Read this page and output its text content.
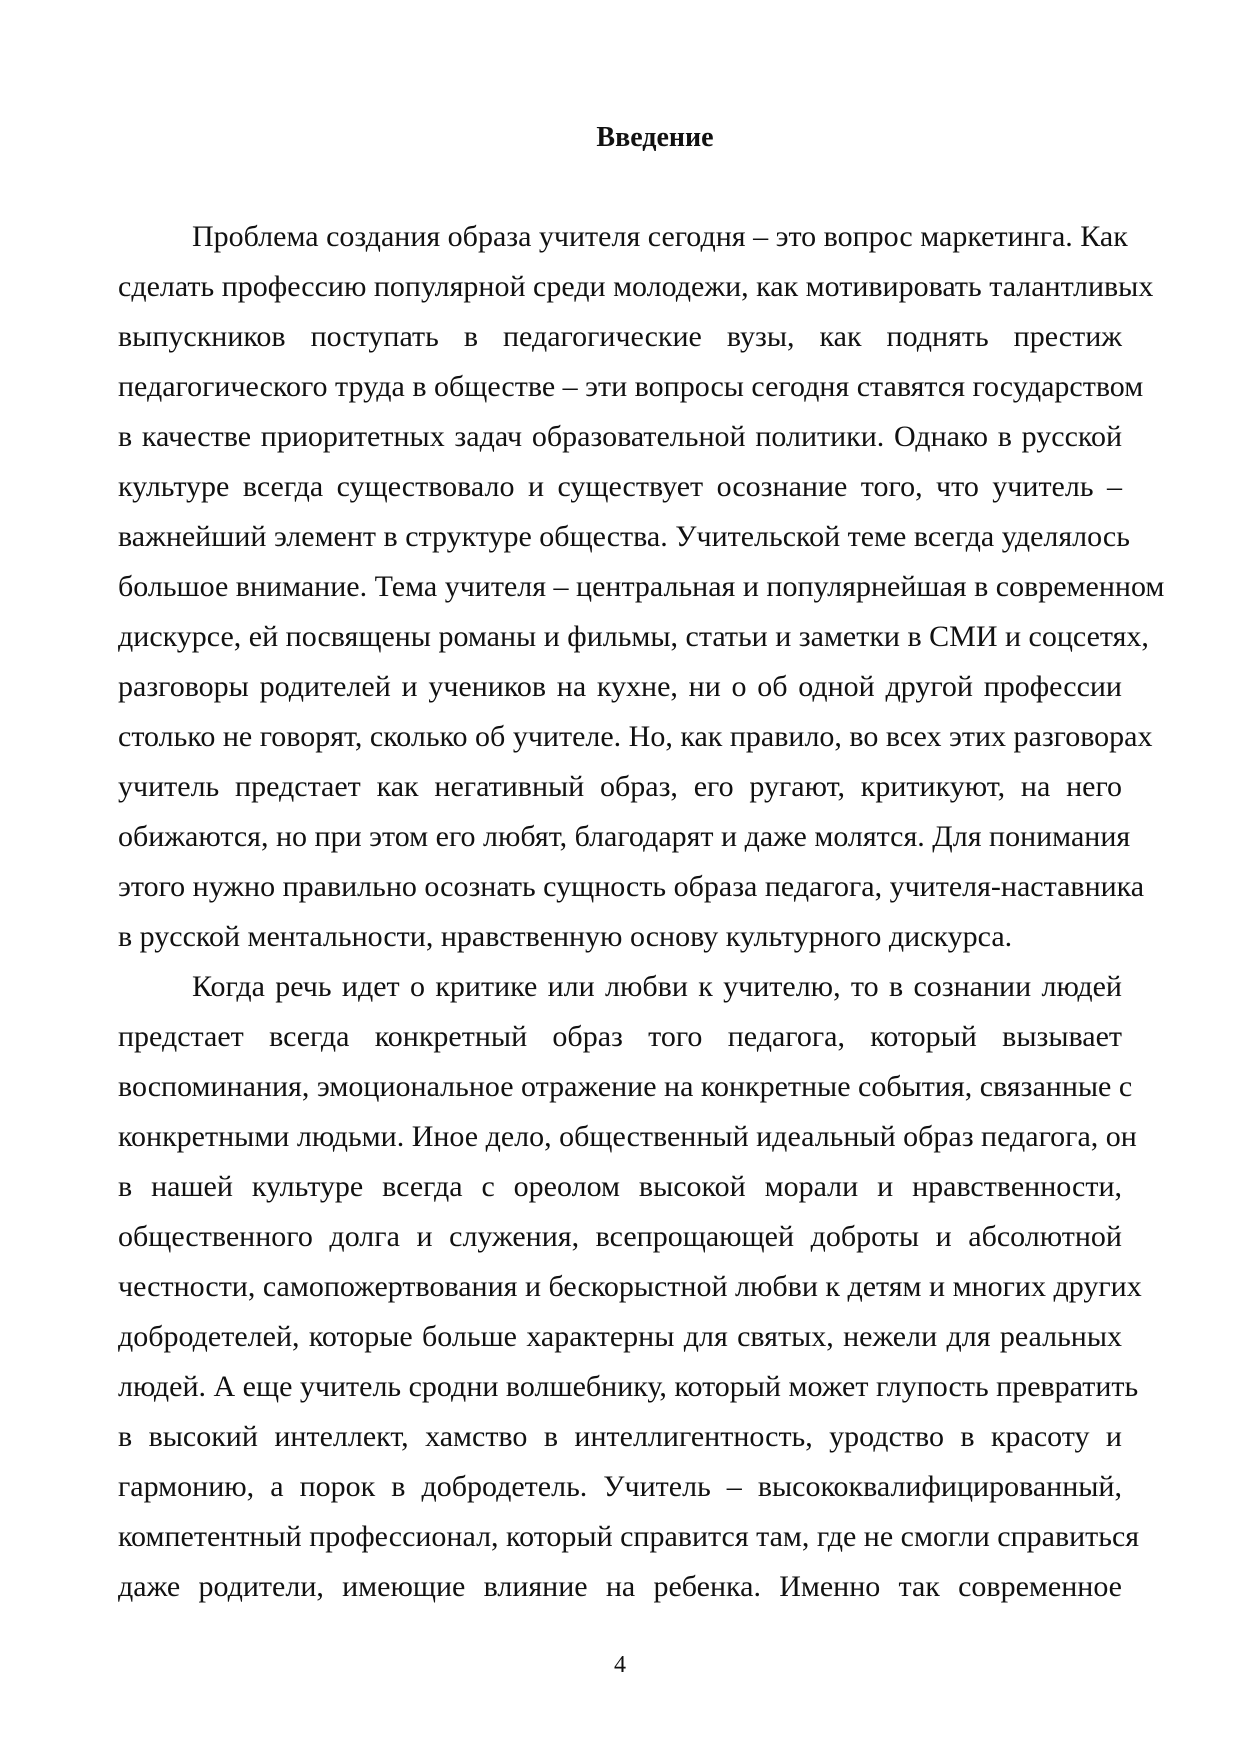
Введение
Проблема создания образа учителя сегодня – это вопрос маркетинга. Как
сделать профессию популярной среди молодежи, как мотивировать талантливых
выпускников поступать в педагогические вузы, как поднять престиж
педагогического труда в обществе – эти вопросы сегодня ставятся государством
в качестве приоритетных задач образовательной политики. Однако в русской
культуре всегда существовало и существует осознание того, что учитель –
важнейший элемент в структуре общества. Учительской теме всегда уделялось
большое внимание. Тема учителя – центральная и популярнейшая в современном
дискурсе, ей посвящены романы и фильмы, статьи и заметки в СМИ и соцсетях,
разговоры родителей и учеников на кухне, ни о об одной другой профессии
столько не говорят, сколько об учителе. Но, как правило, во всех этих разговорах
учитель предстает как негативный образ, его ругают, критикуют, на него
обижаются, но при этом его любят, благодарят и даже молятся. Для понимания
этого нужно правильно осознать сущность образа педагога, учителя-наставника
в русской ментальности, нравственную основу культурного дискурса.
Когда речь идет о критике или любви к учителю, то в сознании людей
предстает всегда конкретный образ того педагога, который вызывает
воспоминания, эмоциональное отражение на конкретные события, связанные с
конкретными людьми. Иное дело, общественный идеальный образ педагога, он
в нашей культуре всегда с ореолом высокой морали и нравственности,
общественного долга и служения, всепрощающей доброты и абсолютной
честности, самопожертвования и бескорыстной любви к детям и многих других
добродетелей, которые больше характерны для святых, нежели для реальных
людей. А еще учитель сродни волшебнику, который может глупость превратить
в высокий интеллект, хамство в интеллигентность, уродство в красоту и
гармонию, а порок в добродетель. Учитель – высококвалифицированный,
компетентный профессионал, который справится там, где не смогли справиться
даже родители, имеющие влияние на ребенка. Именно так современное
4
